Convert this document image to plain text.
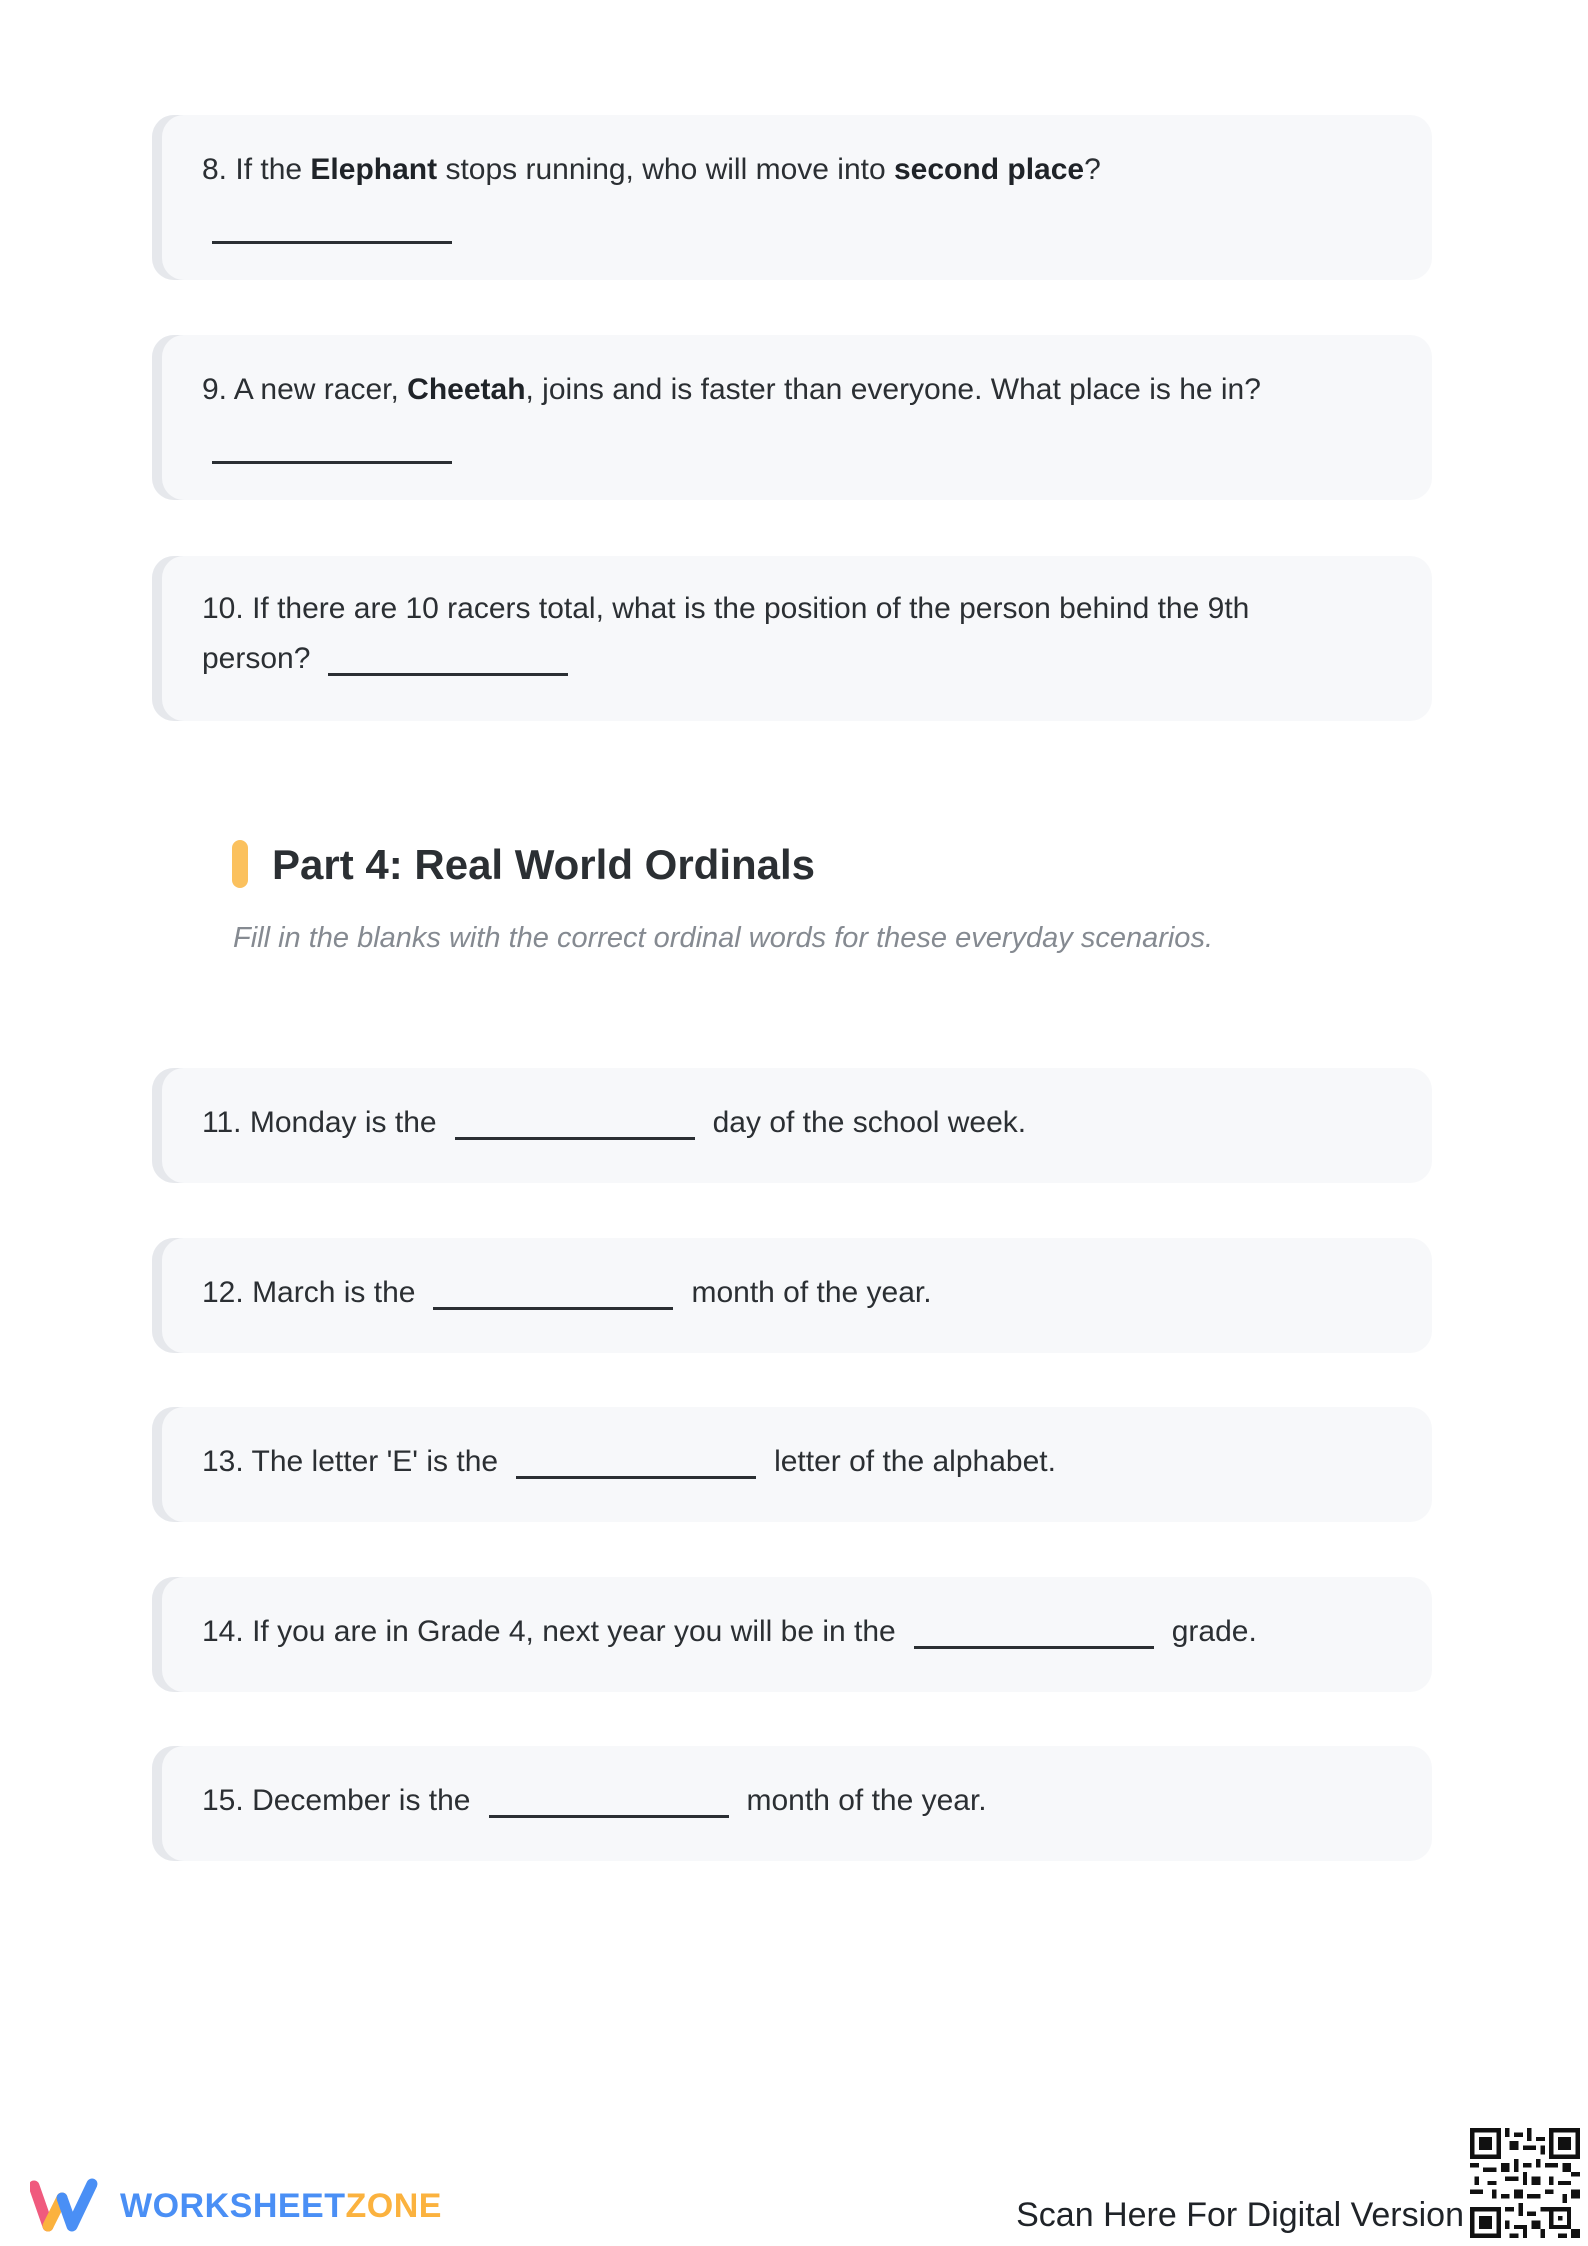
8. If the Elephant stops running, who will move into second place?
9. A new racer, Cheetah, joins and is faster than everyone. What place is he in?
10. If there are 10 racers total, what is the position of the person behind the 9th
person?
Part 4: Real World Ordinals
Fill in the blanks with the correct ordinal words for these everyday scenarios.
11. Monday is the	day of the school week.
12. March is the	month of the year.
13. The letter 'E' is the	letter of the alphabet.
14. If you are in Grade 4, next year you will be in the	grade.
15. December is the	month of the year.
WORKSHEETZONE	Scan Here For Digital Version
